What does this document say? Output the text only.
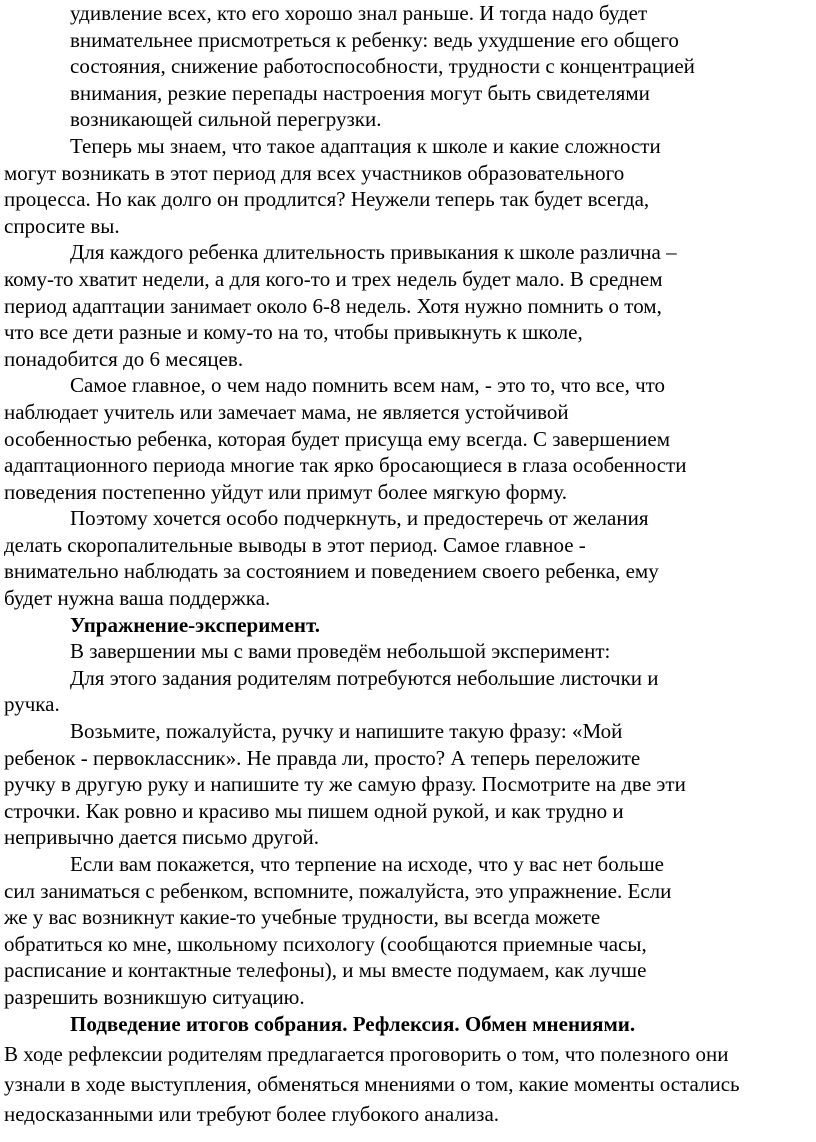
удивление всех, кто его хорошо знал раньше. И тогда надо будет
внимательнее присмотреться к ребенку: ведь ухудшение его общего
состояния, снижение работоспособности, трудности с концентрацией
внимания, резкие перепады настроения могут быть свидетелями
возникающей сильной перегрузки.

Теперь мы знаем, что такое адаптация к школе и какие сложности
могут возникать в этот период для всех участников образовательного
процесса. Но как долго он продлится? Неужели теперь так будет всегда,
спросите вы.

Для каждого ребенка длительность привыкания к школе различна –
кому-то хватит недели, а для кого-то и трех недель будет мало. В среднем
период адаптации занимает около 6-8 недель. Хотя нужно помнить о том,
что все дети разные и кому-то на то, чтобы привыкнуть к школе,
понадобится до 6 месяцев.

Самое главное, о чем надо помнить всем нам, - это то, что все, что
наблюдает учитель или замечает мама, не является устойчивой
особенностью ребенка, которая будет присуща ему всегда. С завершением
адаптационного периода многие так ярко бросающиеся в глаза особенности
поведения постепенно уйдут или примут более мягкую форму.

Поэтому хочется особо подчеркнуть, и предостеречь от желания
делать скоропалительные выводы в этот период. Самое главное -
внимательно наблюдать за состоянием и поведением своего ребенка, ему
будет нужна ваша поддержка.

Упражнение-эксперимент.

В завершении мы с вами проведём небольшой эксперимент:

Для этого задания родителям потребуются небольшие листочки и
ручка.

Возьмите, пожалуйста, ручку и напишите такую фразу: «Мой
ребенок - первоклассник». Не правда ли, просто? А теперь переложите
ручку в другую руку и напишите ту же самую фразу. Посмотрите на две эти
строчки. Как ровно и красиво мы пишем одной рукой, и как трудно и
непривычно дается письмо другой.

Если вам покажется, что терпение на исходе, что у вас нет больше
сил заниматься с ребенком, вспомните, пожалуйста, это упражнение. Если
же у вас возникнут какие-то учебные трудности, вы всегда можете
обратиться ко мне, школьному психологу (сообщаются приемные часы,
расписание и контактные телефоны), и мы вместе подумаем, как лучше
разрешить возникшую ситуацию.

Подведение итогов собрания. Рефлексия. Обмен мнениями.

В ходе рефлексии родителям предлагается проговорить о том, что полезного они
узнали в ходе выступления, обменяться мнениями о том, какие моменты остались
недосказанными или требуют более глубокого анализа.
